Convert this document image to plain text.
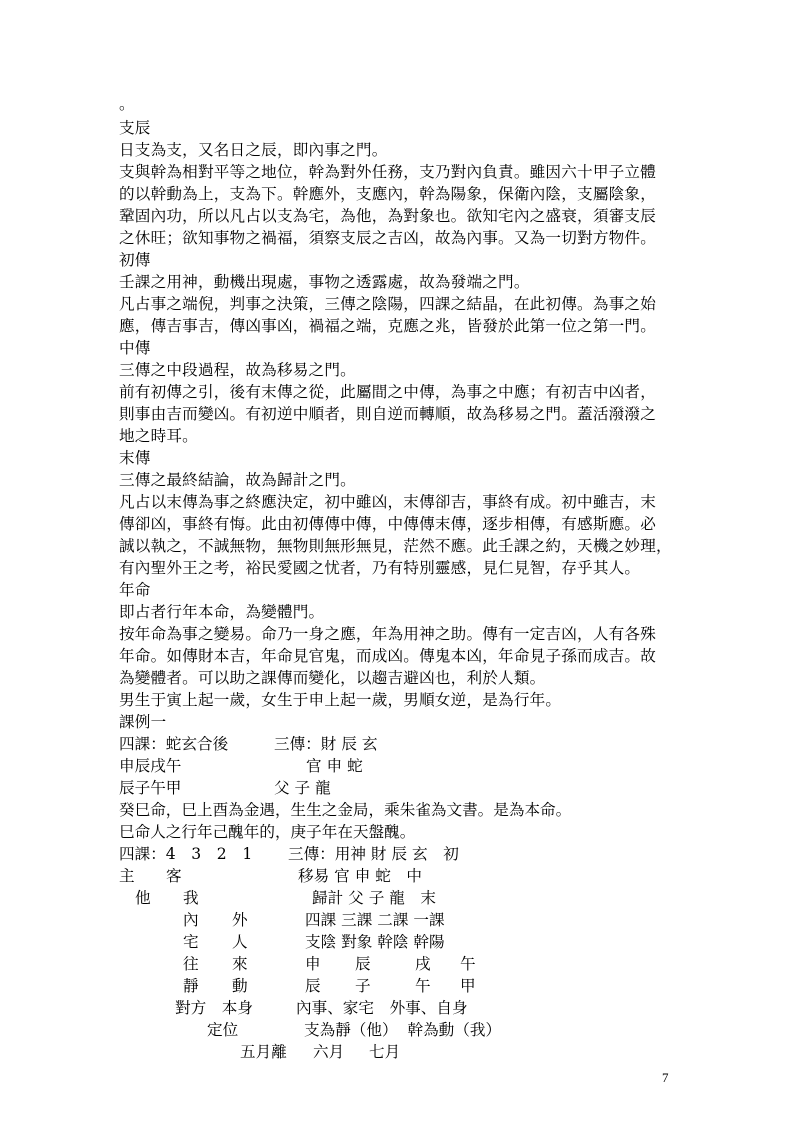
。
支辰
日支為支，又名日之辰，即內事之門。
支與幹為相對平等之地位，幹為對外任務，支乃對內負責。雖因六十甲子立體
的以幹動為上，支為下。幹應外，支應內，幹為陽象，保衛內陰，支屬陰象，
鞏固內功，所以凡占以支為宅，為他，為對象也。欲知宅內之盛衰，須審支辰
之休旺；欲知事物之禍福，須察支辰之吉凶，故為內事。又為一切對方物件。
初傳
壬課之用神，動機出現處，事物之透露處，故為發端之門。
凡占事之端倪，判事之決策，三傳之陰陽，四課之結晶，在此初傳。為事之始
應，傳吉事吉，傳凶事凶，禍福之端，克應之兆，皆發於此第一位之第一門。
中傳
三傳之中段過程，故為移易之門。
前有初傳之引，後有末傳之從，此屬間之中傳，為事之中應；有初吉中凶者，
則事由吉而變凶。有初逆中順者，則自逆而轉順，故為移易之門。蓋活潑潑之
地之時耳。
末傳
三傳之最終結論，故為歸計之門。
凡占以末傳為事之終應決定，初中雖凶，末傳卻吉，事終有成。初中雖吉，末
傳卻凶，事終有悔。此由初傳傳中傳，中傳傳末傳，逐步相傳，有感斯應。必
誠以執之，不誠無物，無物則無形無見，茫然不應。此壬課之約，天機之妙理，
有內聖外王之考，裕民愛國之忧者，乃有特別靈感，見仁見智，存乎其人。
年命
即占者行年本命，為變體門。
按年命為事之變易。命乃一身之應，年為用神之助。傳有一定吉凶，人有各殊
年命。如傳財本吉，年命見官鬼，而成凶。傳鬼本凶，年命見子孫而成吉。故
為變體者。可以助之課傳而變化，以趨吉避凶也，利於人類。
男生于寅上起一歲，女生于申上起一歲，男順女逆，是為行年。
課例一
四課：蛇玄合後	三傳：財 辰 玄
申辰戌午	官 申 蛇
辰子午甲	父 子 龍
癸巳命，巳上酉為金遇，生生之金局，乘朱雀為文書。是為本命。
巳命人之行年己醜年的，庚子年在天盤醜。
四課：4　3　2　1 三傳：用神 財 辰 玄　初
主 客	移易 官 申 蛇　中
他 我	歸計 父 子 龍　末
內 外	四課 三課 二課 一課
宅 人	支陰 對象 幹陰 幹陽
往 來	申 辰	戌 午
靜 動	辰 子	午 甲
對方　本身	內事、家宅　外事、自身
定位	支為靜（他）  幹為動（我）
五月離 六月 七月
7
